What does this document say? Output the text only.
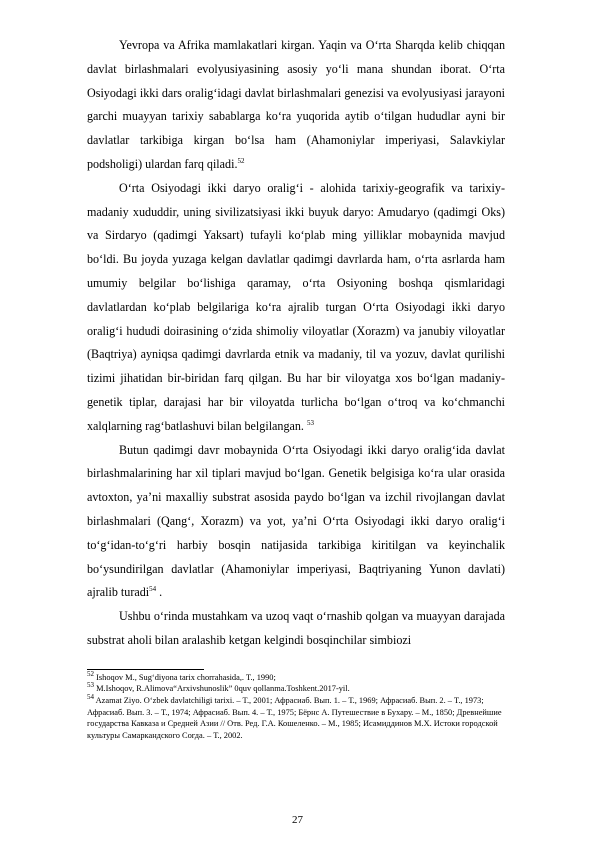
Yevropa va Afrika mamlakatlari kirgan. Yaqin va O‘rta Sharqda kelib chiqqan davlat birlashmalari evolyusiyasining asosiy yo‘li mana shundan iborat. O‘rta Osiyodagi ikki dars oralig‘idagi davlat birlashmalari genezisi va evolyusiyasi jarayoni garchi muayyan tarixiy sabablarga ko‘ra yuqorida aytib o‘tilgan hududlar ayni bir davlatlar tarkibiga kirgan bo‘lsa ham (Ahamoniylar imperiyasi, Salavkiylar podsholigi) ulardan farq qiladi.$^{52}$

O‘rta Osiyodagi ikki daryo oralig‘i - alohida tarixiy-geografik va tarixiy-madaniy xududdir, uning sivilizatsiyasi ikki buyuk daryo: Amudaryo (qadimgi Oks) va Sirdaryo (qadimgi Yaksart) tufayli ko‘plab ming yilliklar mobaynida mavjud bo‘ldi. Bu joyda yuzaga kelgan davlatlar qadimgi davrlarda ham, o‘rta asrlarda ham umumiy belgilar bo‘lishiga qaramay, o‘rta Osiyoning boshqa qismlaridagi davlatlardan ko‘plab belgilariga ko‘ra ajralib turgan O‘rta Osiyodagi ikki daryo oralig‘i hududi doirasining o‘zida shimoliy viloyatlar (Xorazm) va janubiy viloyatlar (Baqtriya) ayniqsa qadimgi davrlarda etnik va madaniy, til va yozuv, davlat qurilishi tizimi jihatidan bir-biridan farq qilgan. Bu har bir viloyatga xos bo‘lgan madaniy-genetik tiplar, darajasi har bir viloyatda turlicha bo‘lgan o‘troq va ko‘chmanchi xalqlarning rag‘batlashuvi bilan belgilangan. $^{53}$

Butun qadimgi davr mobaynida O‘rta Osiyodagi ikki daryo oralig‘ida davlat birlashmalarining har xil tiplari mavjud bo‘lgan. Genetik belgisiga ko‘ra ular orasida avtoxton, ya’ni maxalliy substrat asosida paydo bo‘lgan va izchil rivojlangan davlat birlashmalari (Qang‘, Xorazm) va yot, ya’ni O‘rta Osiyodagi ikki daryo oralig‘i to‘g‘idan-to‘g‘ri harbiy bosqin natijasida tarkibiga kiritilgan va keyinchalik bo‘ysundirilgan davlatlar (Ahamoniylar imperiyasi, Baqtriyaning Yunon davlati) ajralib turadi$^{54}$ .

Ushbu o‘rinda mustahkam va uzoq vaqt o‘rnashib qolgan va muayyan darajada substrat aholi bilan aralashib ketgan kelgindi bosqinchilar simbiozi

$^{52}$ Ishoqov M., Sug‘diyona tarix chorrahasida,. T., 1990;

$^{53}$ M.Ishoqov, R.Alimova“Arxivshunoslik” 0quv qollanma.Toshkent.2017-yil.

$^{54}$ Azamat Ziyo. O‘zbek davlatchiligi tarixi. – T., 2001; Афрасиаб. Вып. 1. – Т., 1969; Афрасиаб. Вып. 2. – Т., 1973; Афрасиаб. Вып. 3. – Т., 1974; Афрасиаб. Вып. 4. – Т., 1975; Бёрнс А. Путешествие в Бухару. – М., 1850; Древнейшие государства Кавказа и Средней Азии // Отв. Ред. Г.А. Кошеленко. – М., 1985; Исамиддинов М.Х. Истоки городской культуры Самаркандского Согда. – Т., 2002.

27
